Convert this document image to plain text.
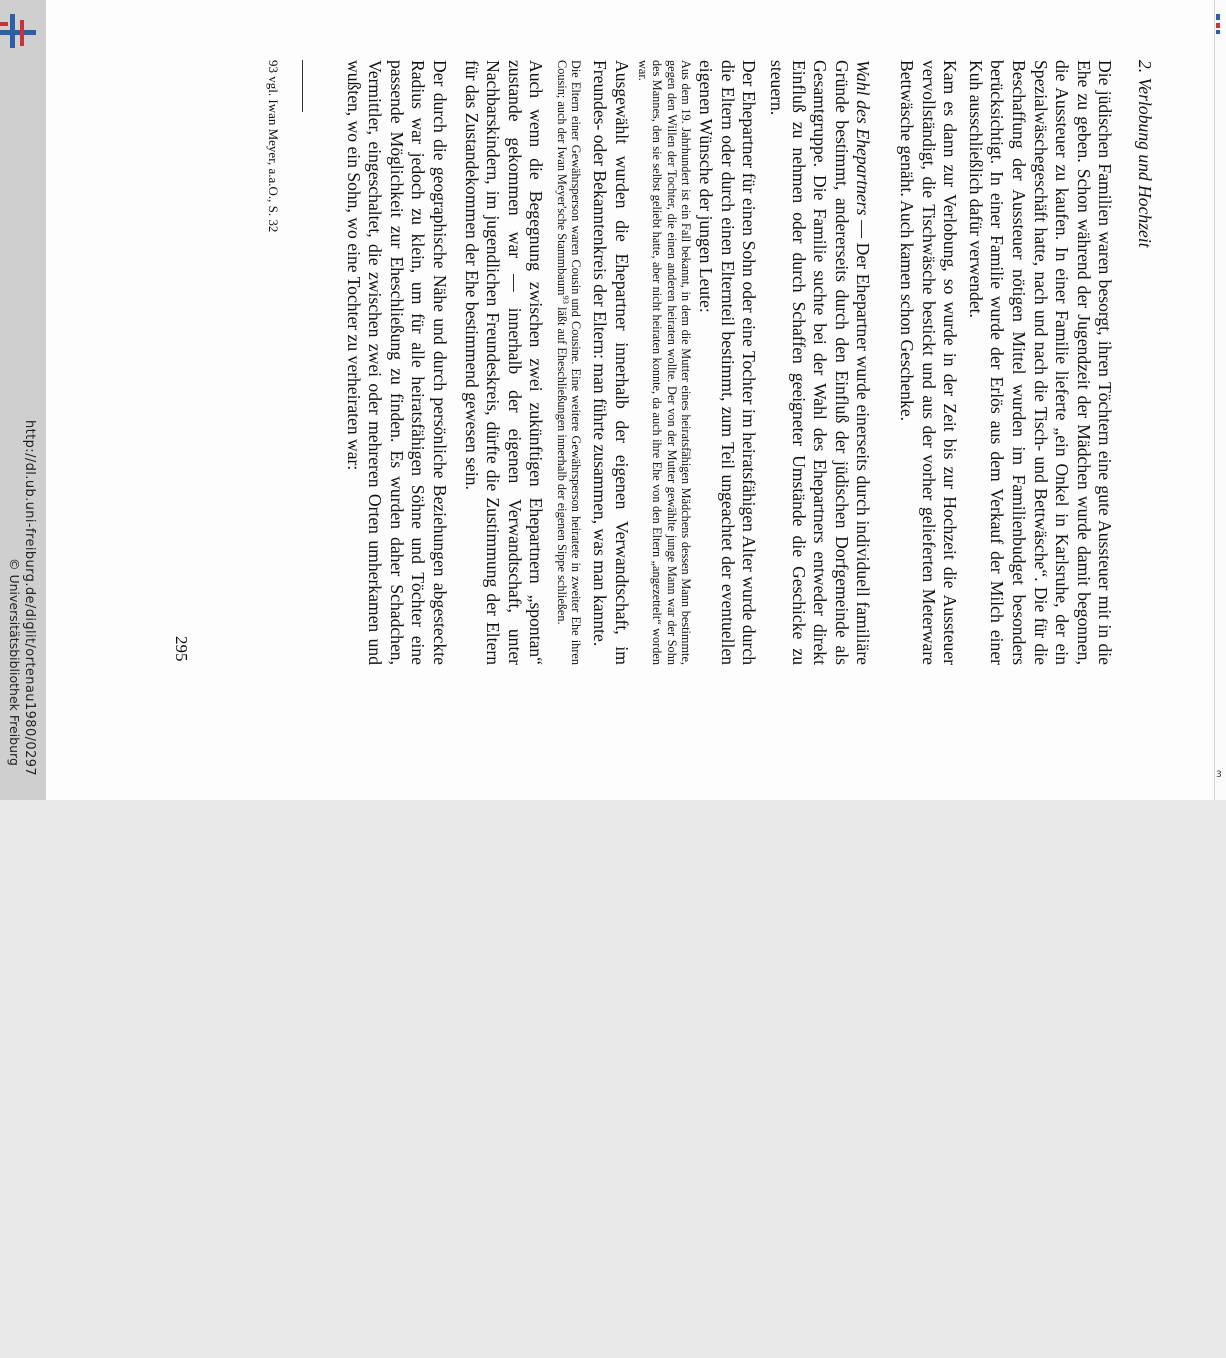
© Universitätsbibliothek Freiburg http://dl.ub.uni-freiburg.de/diglit/ortenau1980/0297
2. Verlobung und Hochzeit

Die jüdischen Familien waren besorgt, ihren Töchtern eine gute Aussteuer mit in die Ehe zu geben. Schon während der Jugendzeit der Mädchen wurde damit begonnen, die Aussteuer zu kaufen. In einer Familie lieferte „ein Onkel in Karlsruhe, der ein Spezialwäschegeschäft hatte, nach und nach die Tisch- und Bettwäsche“. Die für die Beschaffung der Aussteuer nötigen Mittel wurden im Familienbudget besonders berücksichtigt. In einer Familie wurde der Erlös aus dem Verkauf der Milch einer Kuh ausschließlich dafür verwendet.

Kam es dann zur Verlobung, so wurde in der Zeit bis zur Hochzeit die Aussteuer vervollständigt, die Tischwäsche bestickt und aus der vorher gelieferten Meterware Bettwäsche genäht. Auch kamen schon Geschenke.

Wahl des Ehepartners — Der Ehepartner wurde einerseits durch individuell familiäre Gründe bestimmt, andererseits durch den Einfluß der jüdischen Dorfgemeinde als Gesamtgruppe. Die Familie suchte bei der Wahl des Ehepartners entweder direkt Einfluß zu nehmen oder durch Schaffen geeigneter Umstände die Geschicke zu steuern.

Der Ehepartner für einen Sohn oder eine Tochter im heiratsfähigen Alter wurde durch die Eltern oder durch einen Elternteil bestimmt, zum Teil ungeachtet der eventuellen eigenen Wünsche der jungen Leute:

Aus dem 19. Jahrhundert ist ein Fall bekannt, in dem die Mutter eines heiratsfähigen Mädchens dessen Mann bestimmte, gegen den Willen der Tochter, die einen anderen heiraten wollte. Der von der Mutter gewählte junge Mann war der Sohn des Mannes, den sie selbst geliebt hatte, aber nicht heiraten konnte, da auch ihre Ehe von den Eltern „angezettelt“ worden war.

Ausgewählt wurden die Ehepartner innerhalb der eigenen Verwandtschaft, im Freundes- oder Bekanntenkreis der Eltern: man führte zusammen, was man kannte.

Die Eltern einer Gewährsperson waren Cousin und Cousine. Eine weitere Gewährsperson heiratete in zweiter Ehe ihren Cousin; auch der Iwan Meyer'sche Stammbaum$^{93}$ läßt auf Eheschließungen innerhalb der eigenen Sippe schließen.

Auch wenn die Begegnung zwischen zwei zukünftigen Ehepartnern „spontan“ zustande gekommen war — innerhalb der eigenen Verwandtschaft, unter Nachbarskindern, im jugendlichen Freundeskreis, dürfte die Zustimmung der Eltern für das Zustandekommen der Ehe bestimmend gewesen sein.

Der durch die geographische Nähe und durch persönliche Beziehungen abgesteckte Radius war jedoch zu klein, um für alle heiratsfähigen Söhne und Töchter eine passende Möglichkeit zur Eheschließung zu finden. Es wurden daher Schadchen, Vermittler, eingeschaltet, die zwischen zwei oder mehreren Orten umherkamen und wußten, wo ein Sohn, wo eine Tochter zu verheiraten war:

93 vgl. Iwan Meyer, a.a.O., S. 32
295
3
